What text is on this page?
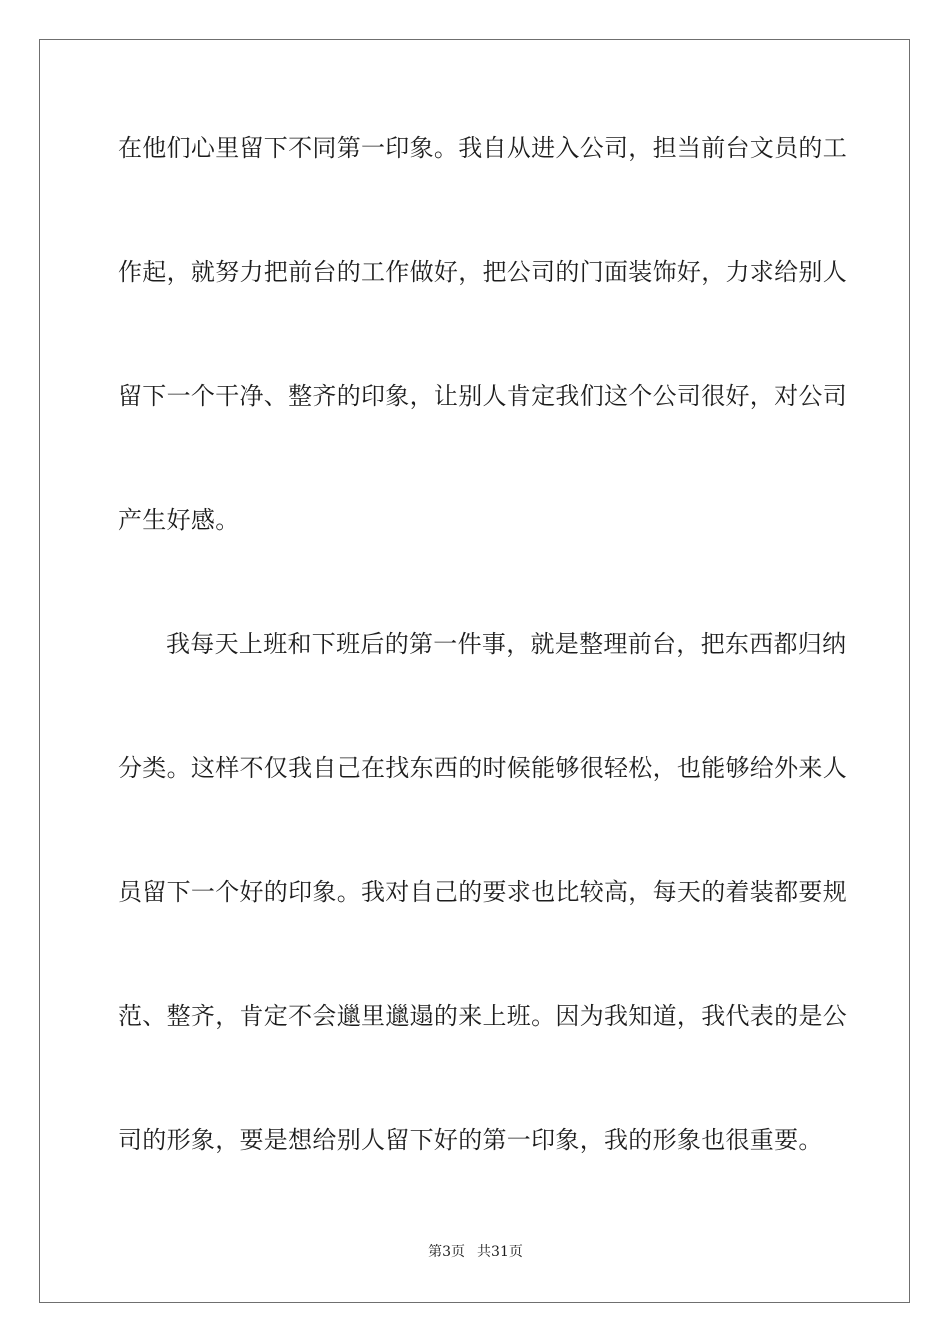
在他们心里留下不同第一印象。我自从进入公司，担当前台文员的工
作起，就努力把前台的工作做好，把公司的门面装饰好，力求给别人
留下一个干净、整齐的印象，让别人肯定我们这个公司很好，对公司
产生好感。
我每天上班和下班后的第一件事，就是整理前台，把东西都归纳
分类。这样不仅我自己在找东西的时候能够很轻松，也能够给外来人
员留下一个好的印象。我对自己的要求也比较高，每天的着装都要规
范、整齐，肯定不会邋里邋遢的来上班。因为我知道，我代表的是公
司的形象，要是想给别人留下好的第一印象，我的形象也很重要。
第3页 共31页
